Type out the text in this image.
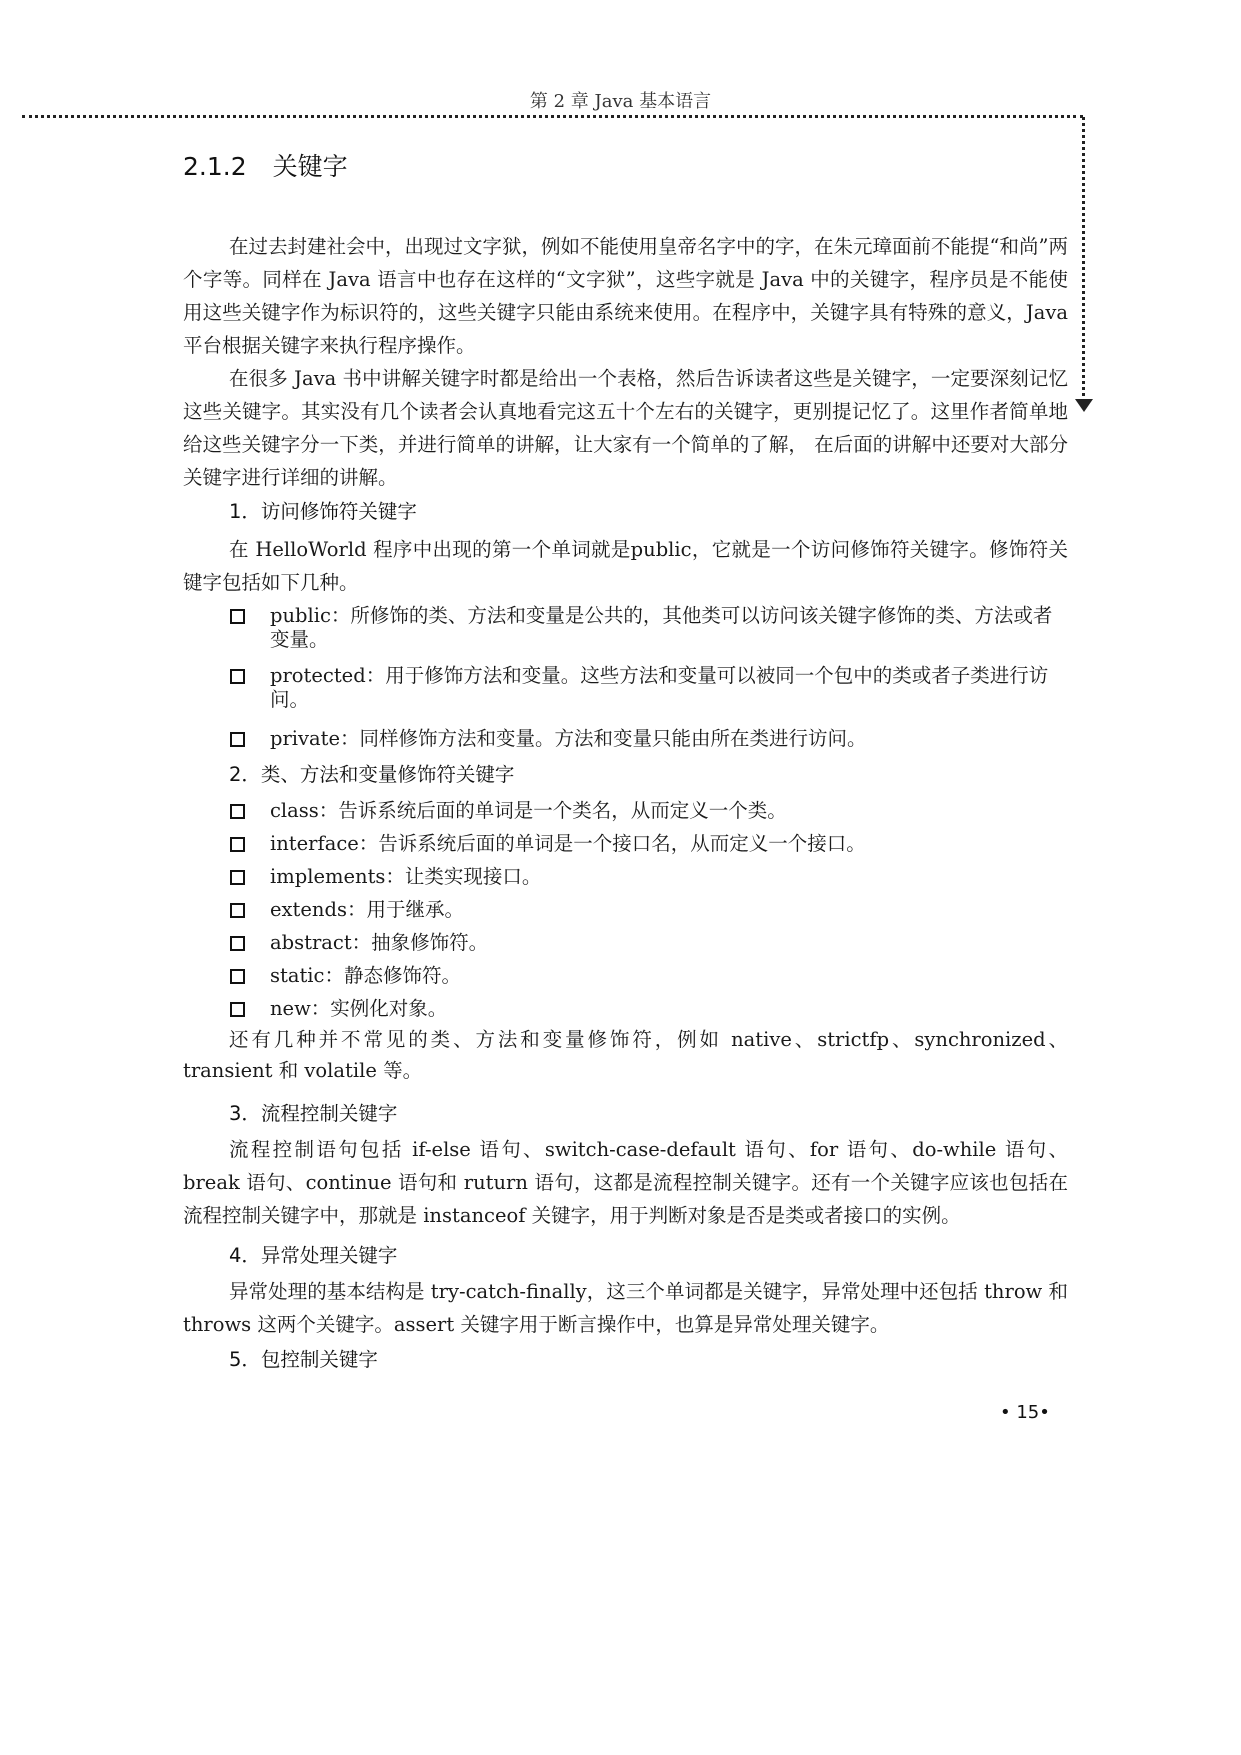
第 2 章 Java 基本语言
2.1.2 关键字

在过去封建社会中，出现过文字狱，例如不能使用皇帝名字中的字，在朱元璋面前不能提“和尚”两个字等。同样在 Java 语言中也存在这样的“文字狱”，这些字就是 Java 中的关键字，程序员是不能使用这些关键字作为标识符的，这些关键字只能由系统来使用。在程序中，关键字具有特殊的意义，Java 平台根据关键字来执行程序操作。

在很多 Java 书中讲解关键字时都是给出一个表格，然后告诉读者这些是关键字，一定要深刻记忆这些关键字。其实没有几个读者会认真地看完这五十个左右的关键字，更别提记忆了。这里作者简单地给这些关键字分一下类，并进行简单的讲解，让大家有一个简单的了解， 在后面的讲解中还要对大部分关键字进行详细的讲解。

1．访问修饰符关键字

在 HelloWorld 程序中出现的第一个单词就是public，它就是一个访问修饰符关键字。修饰符关键字包括如下几种。

public：所修饰的类、方法和变量是公共的，其他类可以访问该关键字修饰的类、方法或者变量。
protected：用于修饰方法和变量。这些方法和变量可以被同一个包中的类或者子类进行访问。
private：同样修饰方法和变量。方法和变量只能由所在类进行访问。
2．类、方法和变量修饰符关键字
class：告诉系统后面的单词是一个类名，从而定义一个类。
interface：告诉系统后面的单词是一个接口名，从而定义一个接口。
implements：让类实现接口。
extends：用于继承。
abstract：抽象修饰符。
static：静态修饰符。
new：实例化对象。

还有几种并不常见的类、方法和变量修饰符，例如 native、strictfp、synchronized、transient 和 volatile 等。

3．流程控制关键字

流程控制语句包括 if-else 语句、switch-case-default 语句、for 语句、do-while 语句、break 语句、continue 语句和 ruturn 语句，这都是流程控制关键字。还有一个关键字应该也包括在流程控制关键字中，那就是 instanceof 关键字，用于判断对象是否是类或者接口的实例。

4．异常处理关键字

异常处理的基本结构是 try-catch-finally，这三个单词都是关键字，异常处理中还包括 throw 和 throws 这两个关键字。assert 关键字用于断言操作中，也算是异常处理关键字。

5．包控制关键字
• 15•
